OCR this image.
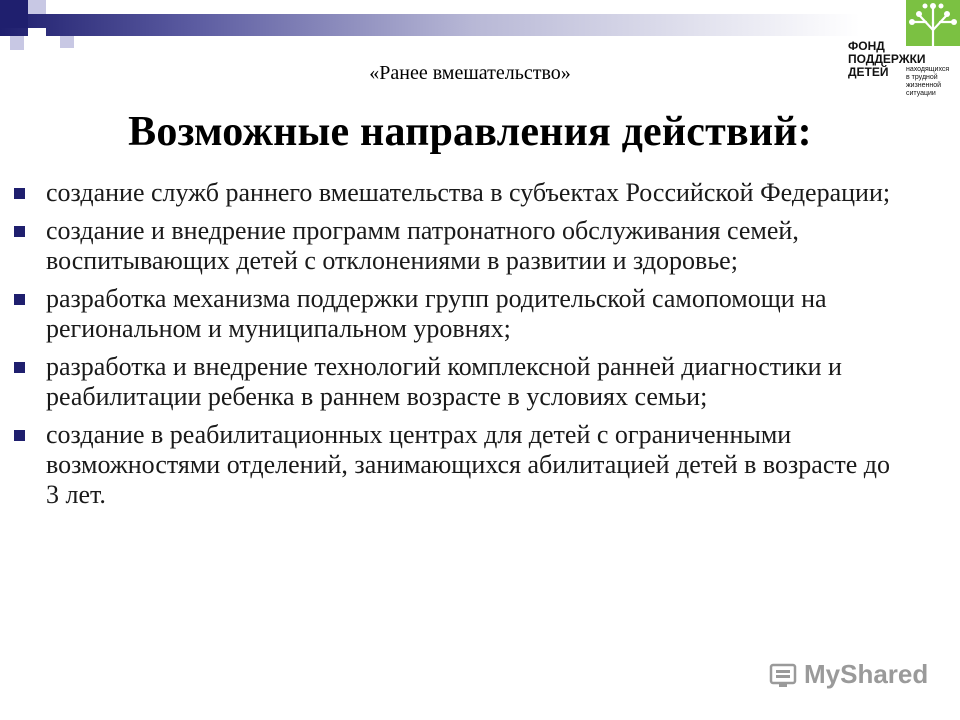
«Ранее вмешательство»
Возможные направления действий:
создание служб раннего вмешательства в субъектах Российской Федерации;
создание и внедрение программ патронатного обслуживания семей, воспитывающих детей с отклонениями в развитии и здоровье;
разработка механизма поддержки групп родительской самопомощи на региональном и муниципальном уровнях;
разработка и внедрение технологий комплексной ранней диагностики и реабилитации ребенка в раннем возрасте в условиях семьи;
создание в реабилитационных центрах для детей с ограниченными возможностями отделений, занимающихся абилитацией детей в возрасте до 3 лет.
ФОНД
ПОДДЕРЖКИ
ДЕТЕЙ	находящихся
в трудной
жизненной
ситуации
MyShared
